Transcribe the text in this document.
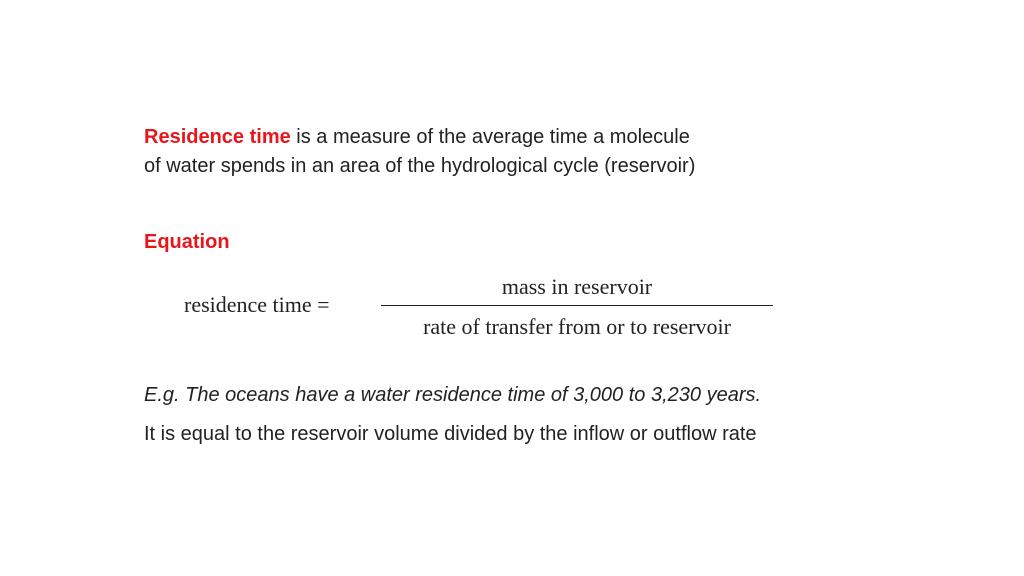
Residence time is a measure of the average time a molecule
of water spends in an area of the hydrological cycle (reservoir)
Equation
residence time =
mass in reservoir
rate of transfer from or to reservoir
E.g. The oceans have a water residence time of 3,000 to 3,230 years.
It is equal to the reservoir volume divided by the inflow or outflow rate
